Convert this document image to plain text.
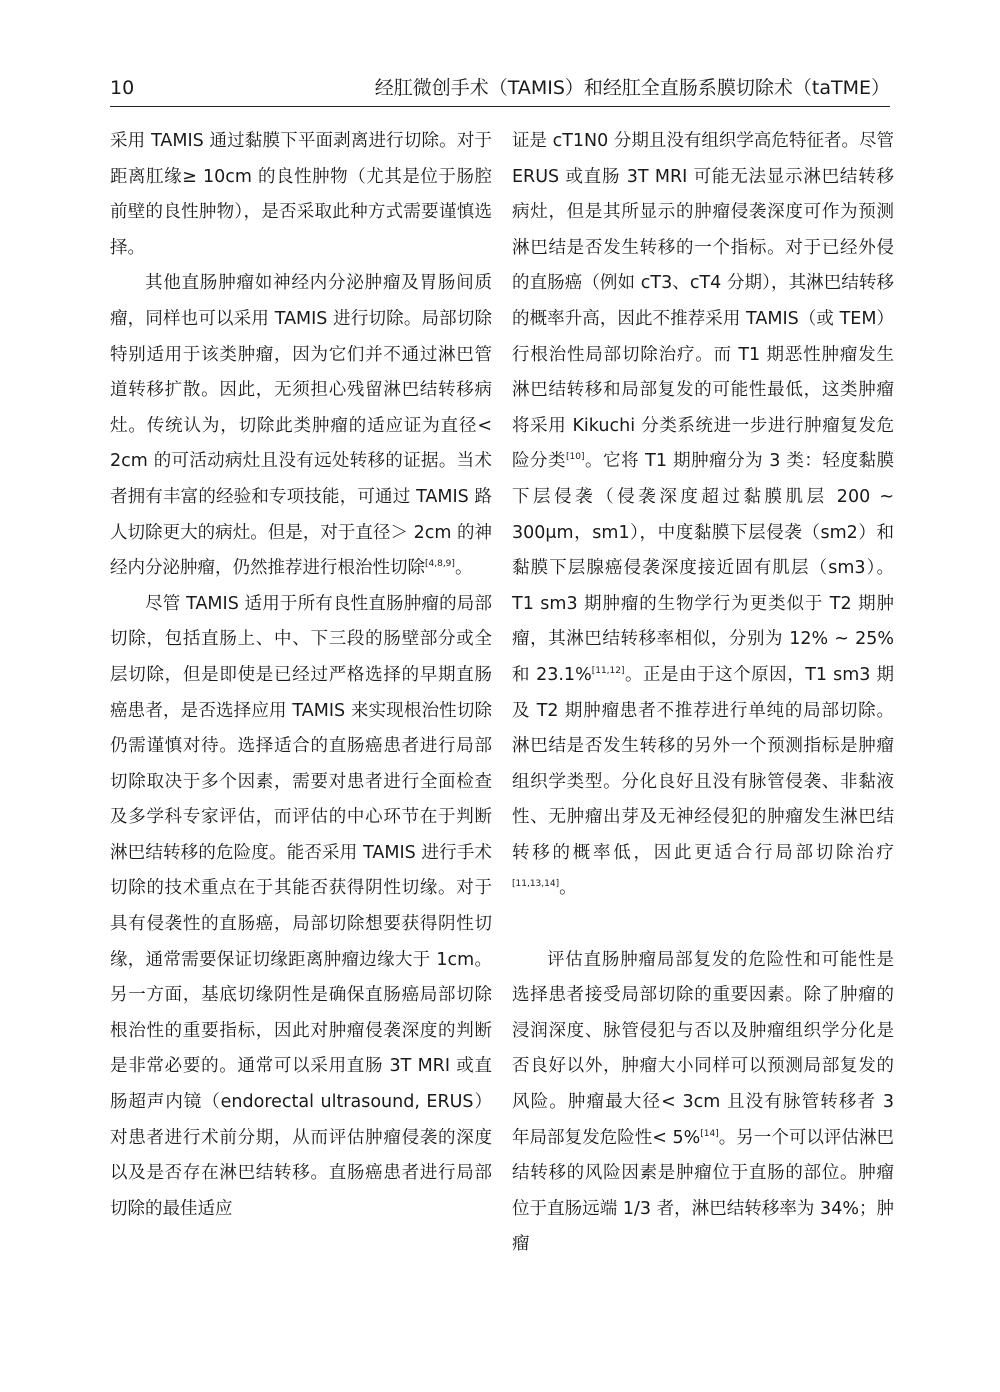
10	经肛微创手术（TAMIS）和经肛全直肠系膜切除术（taTME）

采用 TAMIS 通过黏膜下平面剥离进行切除。对于距离肛缘≥ 10cm 的良性肿物（尤其是位于肠腔前壁的良性肿物），是否采取此种方式需要谨慎选择。

其他直肠肿瘤如神经内分泌肿瘤及胃肠间质瘤，同样也可以采用 TAMIS 进行切除。局部切除特别适用于该类肿瘤，因为它们并不通过淋巴管道转移扩散。因此，无须担心残留淋巴结转移病灶。传统认为，切除此类肿瘤的适应证为直径< 2cm 的可活动病灶且没有远处转移的证据。当术者拥有丰富的经验和专项技能，可通过 TAMIS 路人切除更大的病灶。但是，对于直径＞ 2cm 的神经内分泌肿瘤，仍然推荐进行根治性切除[4,8,9]。

尽管 TAMIS 适用于所有良性直肠肿瘤的局部切除，包括直肠上、中、下三段的肠壁部分或全层切除，但是即使是已经过严格选择的早期直肠癌患者，是否选择应用 TAMIS 来实现根治性切除仍需谨慎对待。选择适合的直肠癌患者进行局部切除取决于多个因素，需要对患者进行全面检查及多学科专家评估，而评估的中心环节在于判断淋巴结转移的危险度。能否采用 TAMIS 进行手术切除的技术重点在于其能否获得阴性切缘。对于具有侵袭性的直肠癌，局部切除想要获得阴性切缘，通常需要保证切缘距离肿瘤边缘大于 1cm。另一方面，基底切缘阴性是确保直肠癌局部切除根治性的重要指标，因此对肿瘤侵袭深度的判断是非常必要的。通常可以采用直肠 3T MRI 或直肠超声内镜（endorectal ultrasound, ERUS）对患者进行术前分期，从而评估肿瘤侵袭的深度以及是否存在淋巴结转移。直肠癌患者进行局部切除的最佳适应

证是 cT1N0 分期且没有组织学高危特征者。尽管 ERUS 或直肠 3T MRI 可能无法显示淋巴结转移病灶，但是其所显示的肿瘤侵袭深度可作为预测淋巴结是否发生转移的一个指标。对于已经外侵的直肠癌（例如 cT3、cT4 分期），其淋巴结转移的概率升高，因此不推荐采用 TAMIS（或 TEM）行根治性局部切除治疗。而 T1 期恶性肿瘤发生淋巴结转移和局部复发的可能性最低，这类肿瘤将采用 Kikuchi 分类系统进一步进行肿瘤复发危险分类[10]。它将 T1 期肿瘤分为 3 类：轻度黏膜下层侵袭（侵袭深度超过黏膜肌层 200 ~ 300μm，sm1），中度黏膜下层侵袭（sm2）和黏膜下层腺癌侵袭深度接近固有肌层（sm3）。T1 sm3 期肿瘤的生物学行为更类似于 T2 期肿瘤，其淋巴结转移率相似，分别为 12% ~ 25% 和 23.1%[11,12]。正是由于这个原因，T1 sm3 期及 T2 期肿瘤患者不推荐进行单纯的局部切除。淋巴结是否发生转移的另外一个预测指标是肿瘤组织学类型。分化良好且没有脉管侵袭、非黏液性、无肿瘤出芽及无神经侵犯的肿瘤发生淋巴结转移的概率低，因此更适合行局部切除治疗[11,13,14]。

评估直肠肿瘤局部复发的危险性和可能性是选择患者接受局部切除的重要因素。除了肿瘤的浸润深度、脉管侵犯与否以及肿瘤组织学分化是否良好以外，肿瘤大小同样可以预测局部复发的风险。肿瘤最大径< 3cm 且没有脉管转移者 3 年局部复发危险性< 5%[14]。另一个可以评估淋巴结转移的风险因素是肿瘤位于直肠的部位。肿瘤位于直肠远端 1/3 者，淋巴结转移率为 34%；肿瘤
